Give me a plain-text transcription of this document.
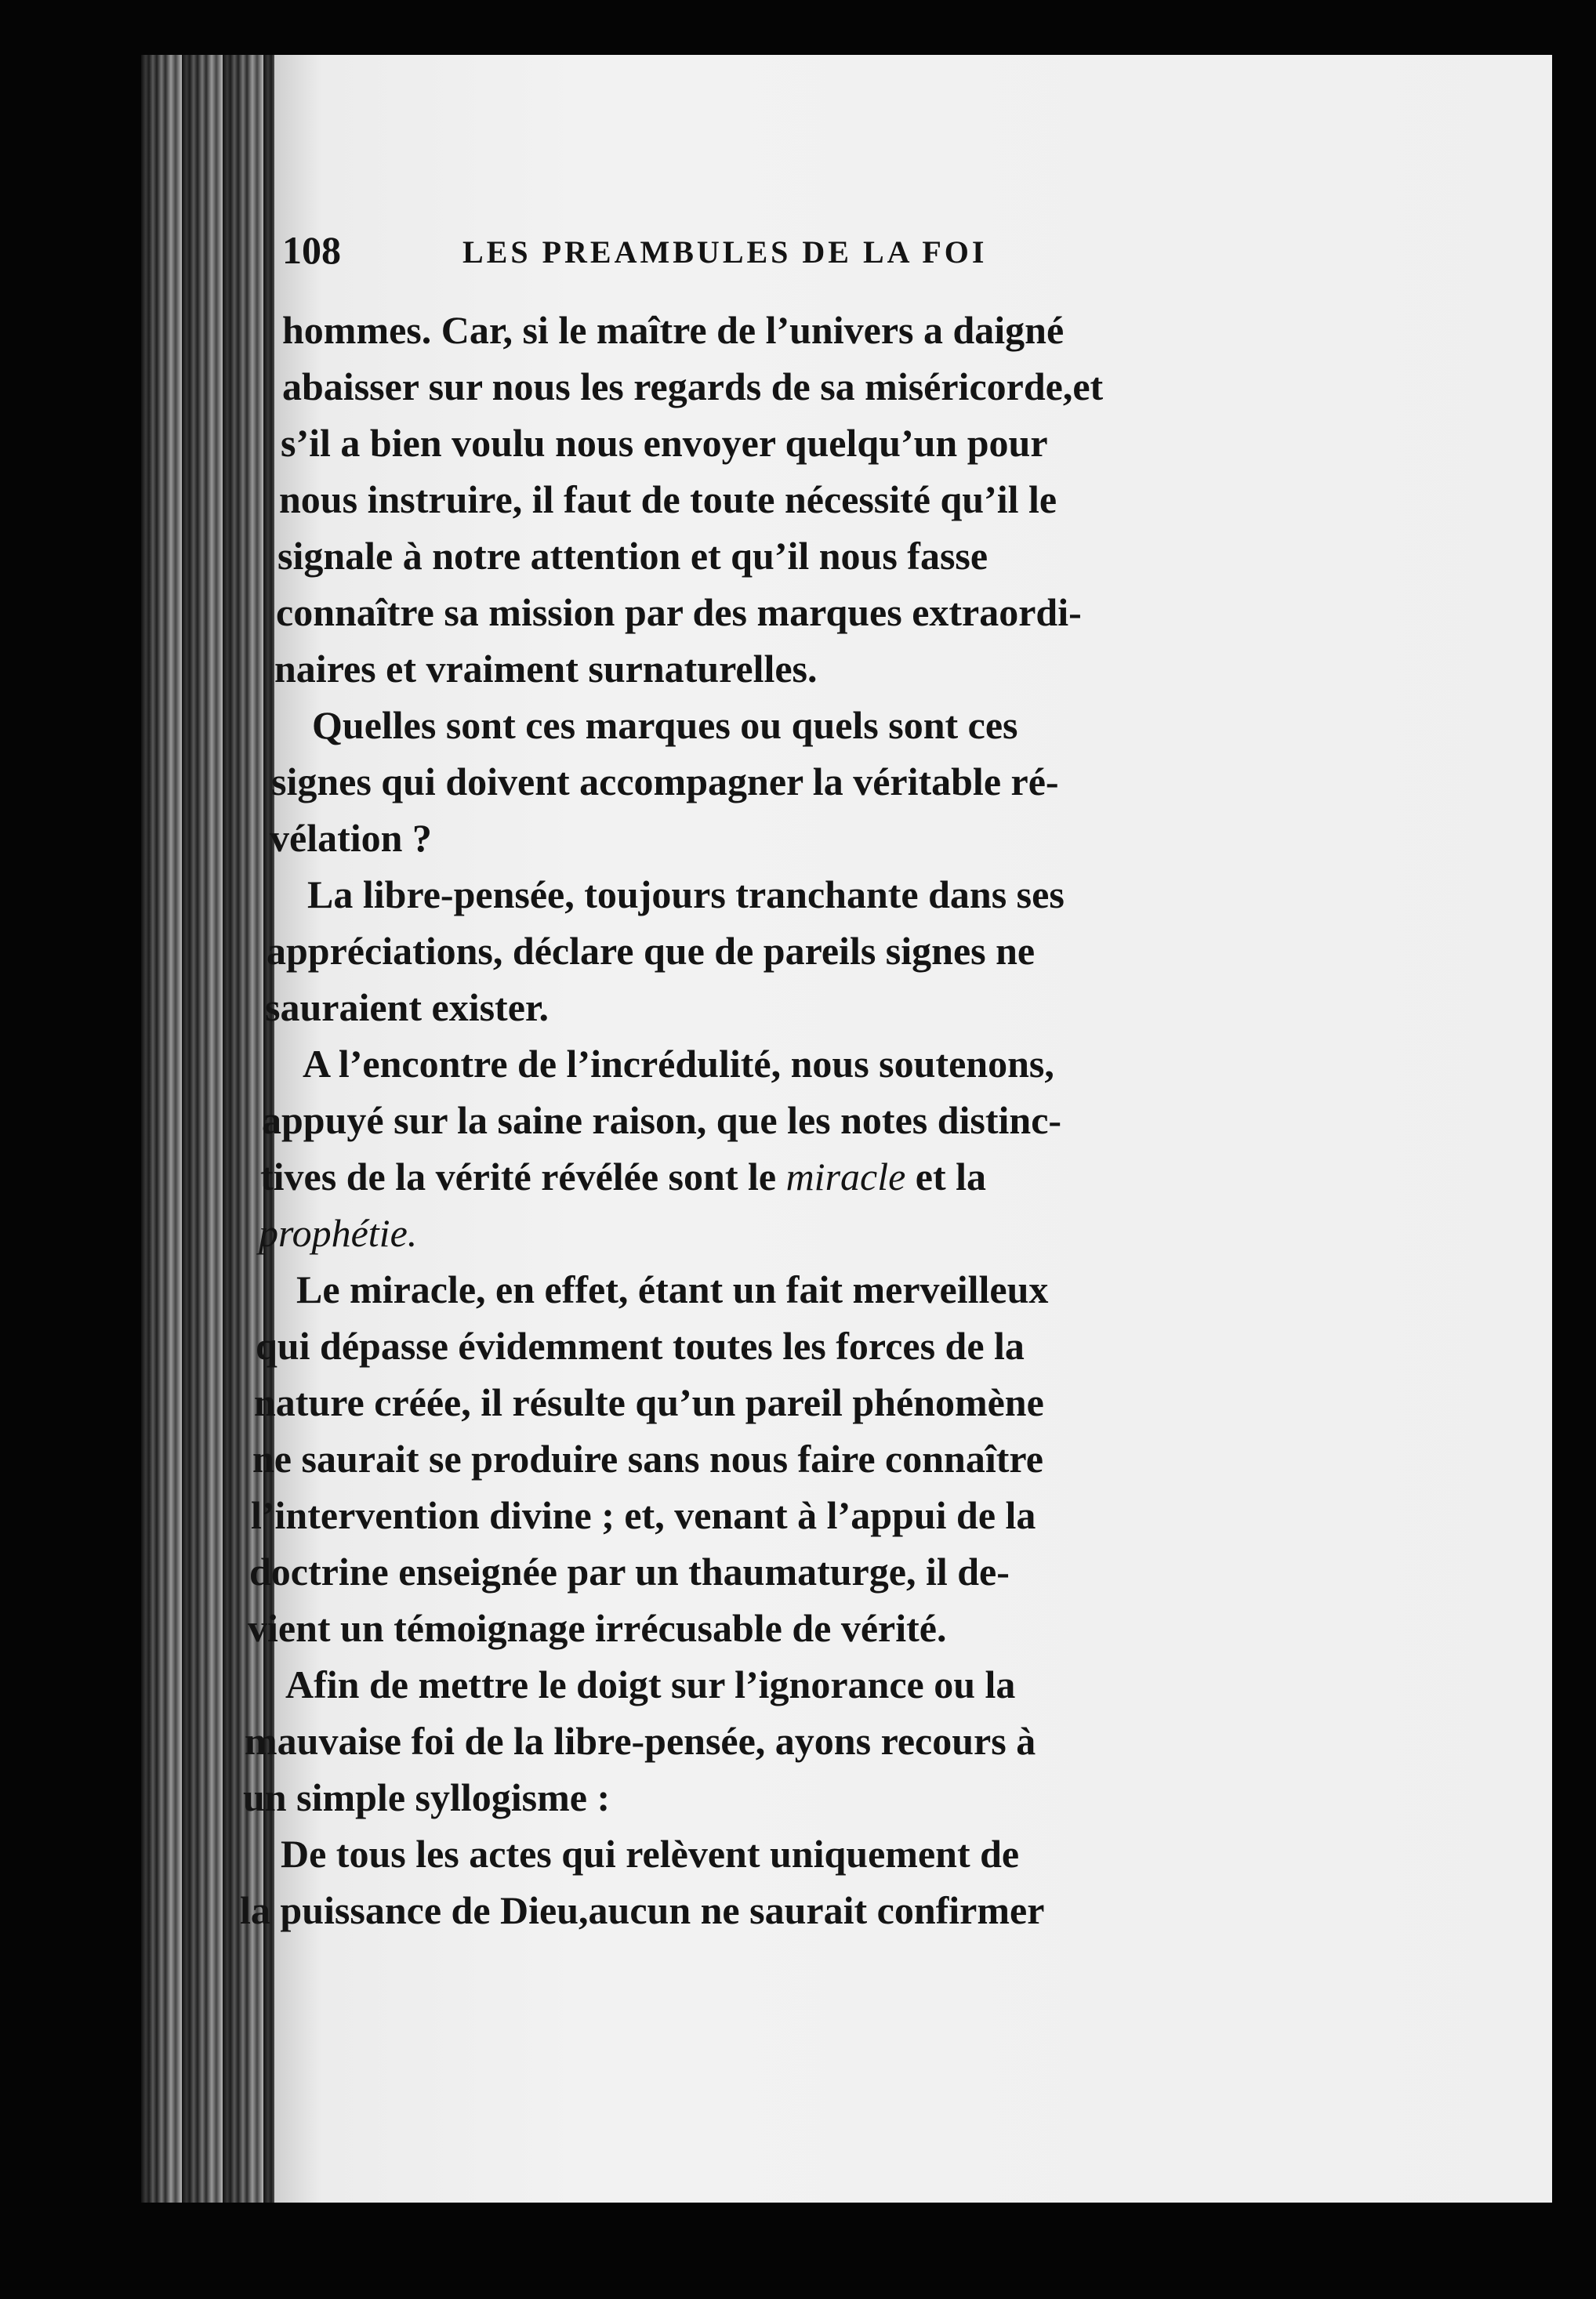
108	LES PREAMBULES DE LA FOI
hommes. Car, si le maître de l’univers a daigné
abaisser sur nous les regards de sa miséricorde,et
s’il a bien voulu nous envoyer quelqu’un pour
nous instruire, il faut de toute nécessité qu’il le
signale à notre attention et qu’il nous fasse
connaître sa mission par des marques extraordi-
naires et vraiment surnaturelles.
Quelles sont ces marques ou quels sont ces
signes qui doivent accompagner la véritable ré-
vélation ?
La libre-pensée, toujours tranchante dans ses
appréciations, déclare que de pareils signes ne
sauraient exister.
A l’encontre de l’incrédulité, nous soutenons,
appuyé sur la saine raison, que les notes distinc-
tives de la vérité révélée sont le miracle et la
prophétie.
Le miracle, en effet, étant un fait merveilleux
qui dépasse évidemment toutes les forces de la
nature créée, il résulte qu’un pareil phénomène
ne saurait se produire sans nous faire connaître
l’intervention divine ; et, venant à l’appui de la
doctrine enseignée par un thaumaturge, il de-
vient un témoignage irrécusable de vérité.
Afin de mettre le doigt sur l’ignorance ou la
mauvaise foi de la libre-pensée, ayons recours à
un simple syllogisme :
De tous les actes qui relèvent uniquement de
la puissance de Dieu,aucun ne saurait confirmer
